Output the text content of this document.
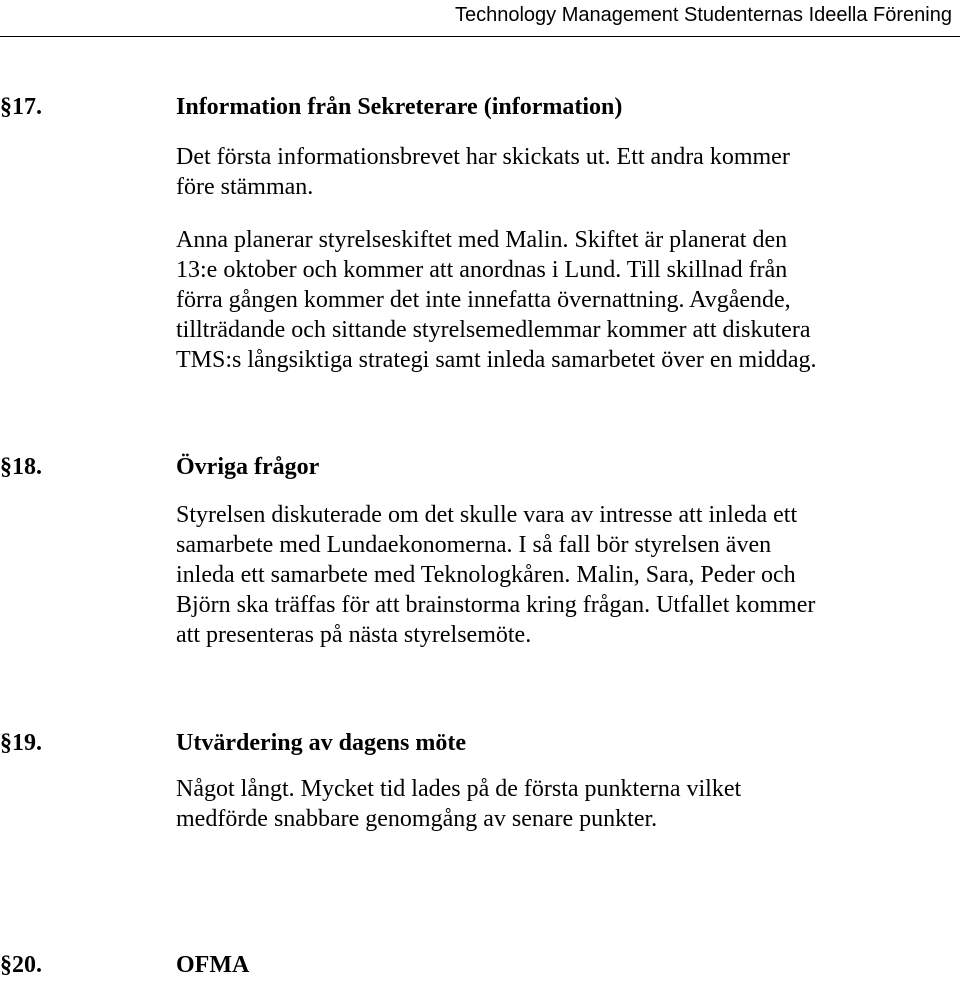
Technology Management Studenternas Ideella Förening
§17.	Information från Sekreterare (information)
Det första informationsbrevet har skickats ut. Ett andra kommer
före stämman.
Anna planerar styrelseskiftet med Malin. Skiftet är planerat den
13:e oktober och kommer att anordnas i Lund. Till skillnad från
förra gången kommer det inte innefatta övernattning. Avgående,
tillträdande och sittande styrelsemedlemmar kommer att diskutera
TMS:s långsiktiga strategi samt inleda samarbetet över en middag.
§18.	Övriga frågor
Styrelsen diskuterade om det skulle vara av intresse att inleda ett
samarbete med Lundaekonomerna. I så fall bör styrelsen även
inleda ett samarbete med Teknologkåren. Malin, Sara, Peder och
Björn ska träffas för att brainstorma kring frågan. Utfallet kommer
att presenteras på nästa styrelsemöte.
§19.	Utvärdering av dagens möte
Något långt. Mycket tid lades på de första punkterna vilket
medförde snabbare genomgång av senare punkter.
§20.	OFMA
